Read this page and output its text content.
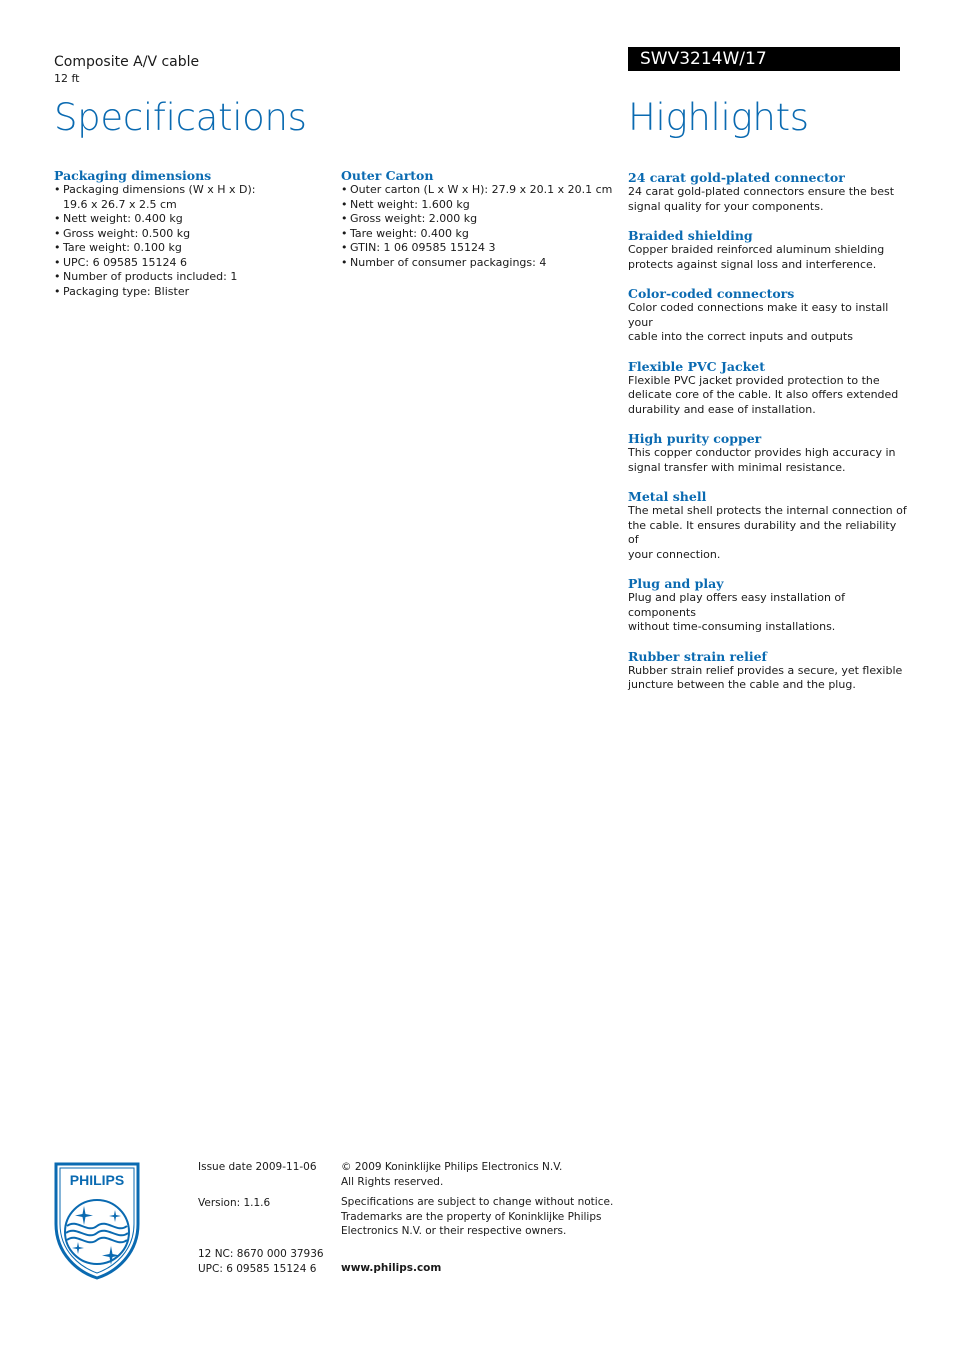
Composite A/V cable
12 ft
SWV3214W/17
Specifications	Highlights
Packaging dimensions
• Packaging dimensions (W x H x D):
19.6 x 26.7 x 2.5 cm
• Nett weight: 0.400 kg
• Gross weight: 0.500 kg
• Tare weight: 0.100 kg
• UPC: 6 09585 15124 6
• Number of products included: 1
• Packaging type: Blister
Outer Carton
• Outer carton (L x W x H): 27.9 x 20.1 x 20.1 cm
• Nett weight: 1.600 kg
• Gross weight: 2.000 kg
• Tare weight: 0.400 kg
• GTIN: 1 06 09585 15124 3
• Number of consumer packagings: 4
24 carat gold-plated connector
24 carat gold-plated connectors ensure the best
signal quality for your components.
Braided shielding
Copper braided reinforced aluminum shielding
protects against signal loss and interference.
Color-coded connectors
Color coded connections make it easy to install your
cable into the correct inputs and outputs
Flexible PVC Jacket
Flexible PVC jacket provided protection to the
delicate core of the cable. It also offers extended
durability and ease of installation.
High purity copper
This copper conductor provides high accuracy in
signal transfer with minimal resistance.
Metal shell
The metal shell protects the internal connection of
the cable. It ensures durability and the reliability of
your connection.
Plug and play
Plug and play offers easy installation of components
without time-consuming installations.
Rubber strain relief
Rubber strain relief provides a secure, yet flexible
juncture between the cable and the plug.
PHILIPS
Issue date 2009-11-06
Version: 1.1.6
12 NC: 8670 000 37936
UPC: 6 09585 15124 6
© 2009 Koninklijke Philips Electronics N.V.
All Rights reserved.
Specifications are subject to change without notice.
Trademarks are the property of Koninklijke Philips
Electronics N.V. or their respective owners.
www.philips.com
